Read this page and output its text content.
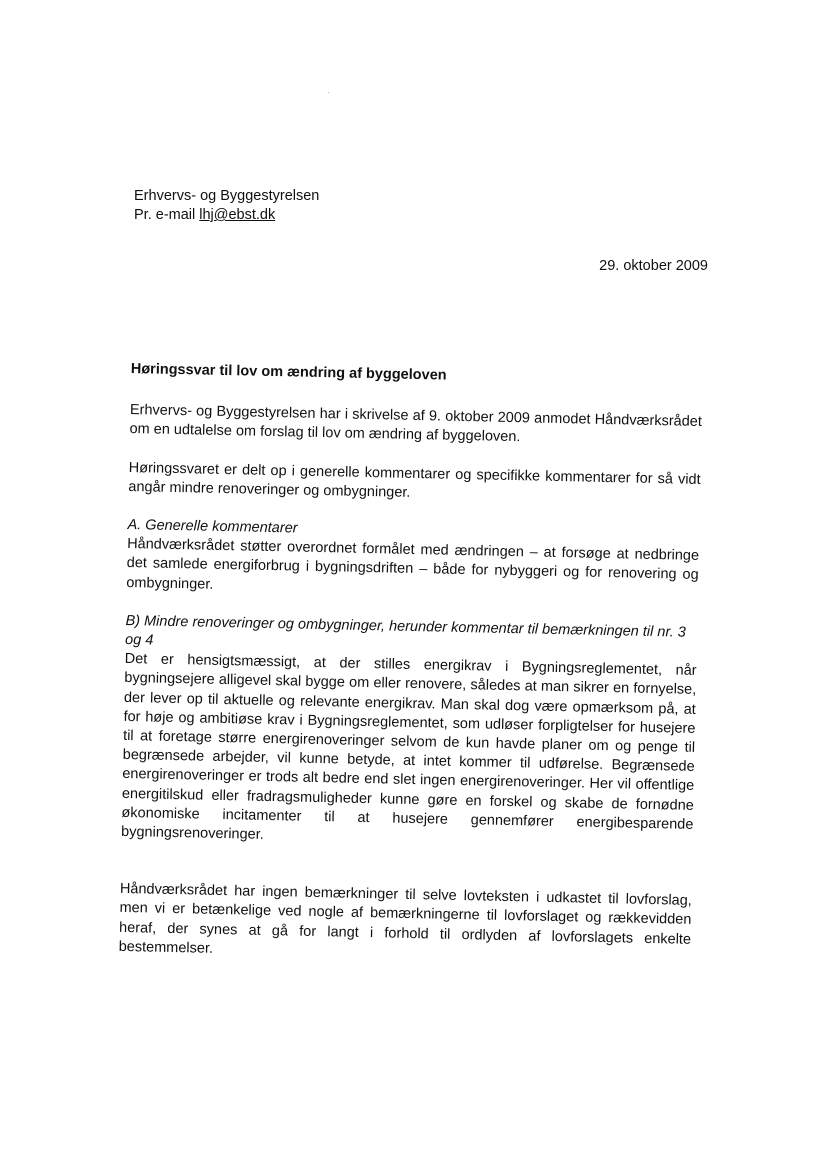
Erhvervs- og Byggestyrelsen
Pr. e-mail lhj@ebst.dk
29. oktober 2009

Høringssvar til lov om ændring af byggeloven

Erhvervs- og Byggestyrelsen har i skrivelse af 9. oktober 2009 anmodet Håndværksrådet om en udtalelse om forslag til lov om ændring af byggeloven.

Høringssvaret er delt op i generelle kommentarer og specifikke kommentarer for så vidt angår mindre renoveringer og ombygninger.

A. Generelle kommentarer

Håndværksrådet støtter overordnet formålet med ændringen – at forsøge at nedbringe det samlede energiforbrug i bygningsdriften – både for nybyggeri og for renovering og ombygninger.

B) Mindre renoveringer og ombygninger, herunder kommentar til bemærkningen til nr. 3 og 4

Det er hensigtsmæssigt, at der stilles energikrav i Bygningsreglementet, når bygningsejere alligevel skal bygge om eller renovere, således at man sikrer en fornyelse, der lever op til aktuelle og relevante energikrav. Man skal dog være opmærksom på, at for høje og ambitiøse krav i Bygningsreglementet, som udløser forpligtelser for husejere til at foretage større energirenoveringer selvom de kun havde planer om og penge til begrænsede arbejder, vil kunne betyde, at intet kommer til udførelse. Begrænsede energirenoveringer er trods alt bedre end slet ingen energirenoveringer. Her vil offentlige energitilskud eller fradragsmuligheder kunne gøre en forskel og skabe de fornødne økonomiske incitamenter til at husejere gennemfører energibesparende bygningsrenoveringer.

Håndværksrådet har ingen bemærkninger til selve lovteksten i udkastet til lovforslag, men vi er betænkelige ved nogle af bemærkningerne til lovforslaget og rækkevidden heraf, der synes at gå for langt i forhold til ordlyden af lovforslagets enkelte bestemmelser.
